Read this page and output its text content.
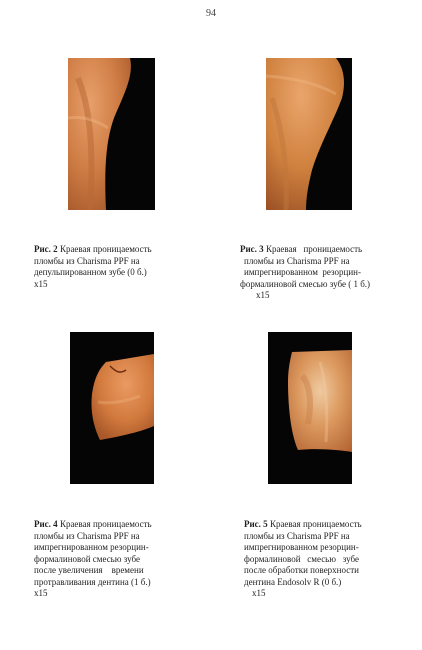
94
Рис. 2 Краевая проницаемость
пломбы из Charisma PPF на
депульпированном зубе (0 б.)
x15
Рис. 3 Краевая   проницаемость
пломбы из Charisma PPF на
импрегнированном  резорцин-
формалиновой смесью зубе ( 1 б.)
x15
Рис. 4 Краевая проницаемость
пломбы из Charisma PPF на
импрегнированном резорцин-
формалиновой смесью зубе
после увеличения    времени
протравливания дентина (1 б.)
x15
Рис. 5 Краевая проницаемость
пломбы из Charisma PPF на
импрегнированном резорцин-
формалиновой   смесью   зубе
после обработки поверхности
дентина Endosolv R (0 б.)
x15
